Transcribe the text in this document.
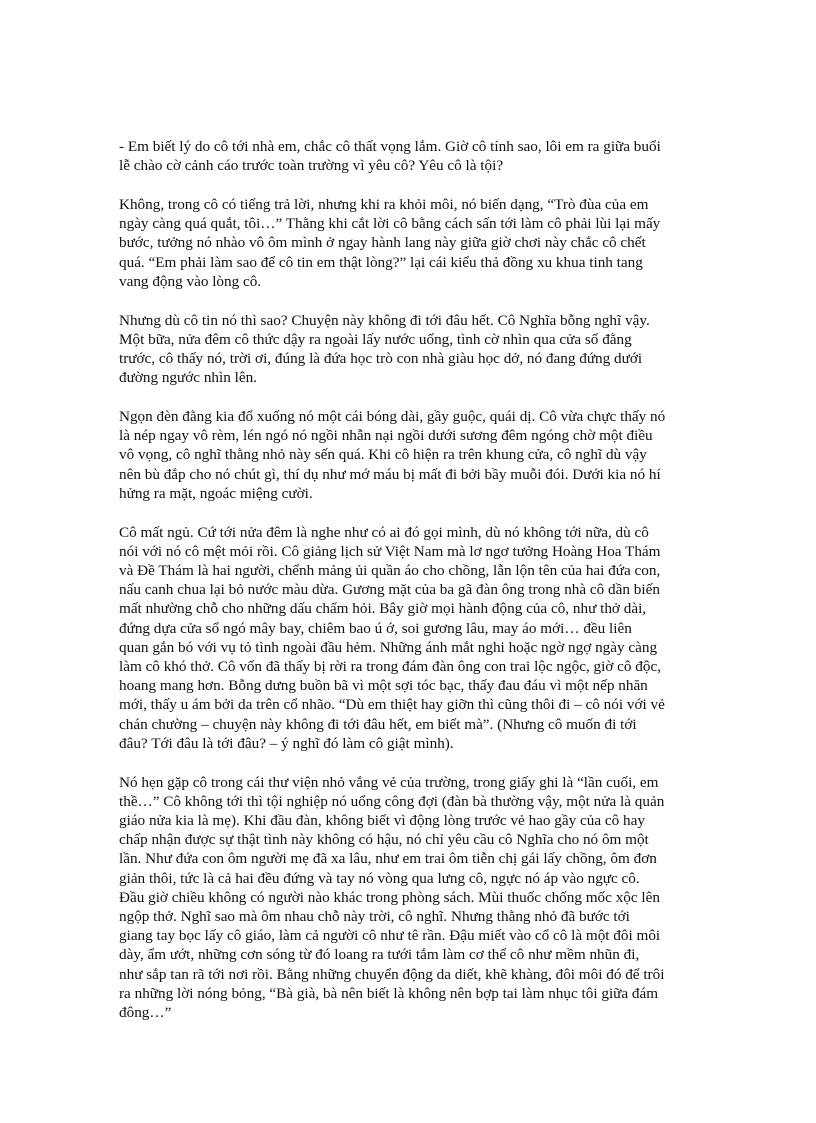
- Em biết lý do cô tới nhà em, chắc cô thất vọng lắm. Giờ cô tính sao, lôi em ra giữa buổi
lễ chào cờ cảnh cáo trước toàn trường vì yêu cô? Yêu cô là tội?
Không, trong cô có tiếng trả lời, nhưng khi ra khỏi môi, nó biến dạng, “Trò đùa của em
ngày càng quá quắt, tôi…” Thằng khi cắt lời cô bằng cách sấn tới làm cô phải lùi lại mấy
bước, tưởng nó nhào vô ôm mình ở ngay hành lang này giữa giờ chơi này chắc cô chết
quá. “Em phải làm sao để cô tin em thật lòng?” lại cái kiểu thả đồng xu khua tinh tang
vang động vào lòng cô.
Nhưng dù cô tin nó thì sao? Chuyện này không đi tới đâu hết. Cô Nghĩa bỗng nghĩ vậy.
Một bữa, nửa đêm cô thức dậy ra ngoài lấy nước uống, tình cờ nhìn qua cửa sổ đằng
trước, cô thấy nó, trời ơi, đúng là đứa học trò con nhà giàu học dở, nó đang đứng dưới
đường ngước nhìn lên.
Ngọn đèn đằng kia đổ xuống nó một cái bóng dài, gầy guộc, quái dị. Cô vừa chực thấy nó
là nép ngay vô rèm, lén ngó nó ngồi nhẫn nại ngồi dưới sương đêm ngóng chờ một điều
vô vọng, cô nghĩ thằng nhỏ này sến quá. Khi cô hiện ra trên khung cửa, cô nghĩ dù vậy
nên bù đắp cho nó chút gì, thí dụ như mớ máu bị mất đi bởi bầy muỗi đói. Dưới kia nó hí
hửng ra mặt, ngoác miệng cười.
Cô mất ngủ. Cứ tới nửa đêm là nghe như có ai đó gọi mình, dù nó không tới nữa, dù cô
nói với nó cô mệt mỏi rồi. Cô giảng lịch sử Việt Nam mà lơ ngơ tưởng Hoàng Hoa Thám
và Đề Thám là hai người, chểnh mảng ủi quần áo cho chồng, lẫn lộn tên của hai đứa con,
nấu canh chua lại bỏ nước màu dừa. Gương mặt của ba gã đàn ông trong nhà cô dần biến
mất nhường chỗ cho những dấu chấm hỏi. Bây giờ mọi hành động của cô, như thở dài,
đứng dựa cửa sổ ngó mây bay, chiêm bao ú ớ, soi gương lâu, may áo mới… đều liên
quan gắn bó với vụ tỏ tình ngoài đầu hẻm. Những ánh mắt nghi hoặc ngờ ngợ ngày càng
làm cô khó thở. Cô vốn đã thấy bị rời ra trong đám đàn ông con trai lộc ngộc, giờ cô độc,
hoang mang hơn. Bỗng dưng buồn bã vì một sợi tóc bạc, thấy đau đáu vì một nếp nhăn
mới, thấy u ám bởi da trên cổ nhão. “Dù em thiệt hay giỡn thì cũng thôi đi – cô nói với vẻ
chán chường – chuyện này không đi tới đâu hết, em biết mà”. (Nhưng cô muốn đi tới
đâu? Tới đâu là tới đâu? – ý nghĩ đó làm cô giật mình).
Nó hẹn gặp cô trong cái thư viện nhỏ vắng vẻ của trường, trong giấy ghi là “lần cuối, em
thề…” Cô không tới thì tội nghiệp nó uổng công đợi (đàn bà thường vậy, một nửa là quản
giáo nửa kia là mẹ). Khi đầu đàn, không biết vì động lòng trước vẻ hao gầy của cô hay
chấp nhận được sự thật tình này không có hậu, nó chỉ yêu cầu cô Nghĩa cho nó ôm một
lần. Như đứa con ôm người mẹ đã xa lâu, như em trai ôm tiễn chị gái lấy chồng, ôm đơn
giản thôi, tức là cả hai đều đứng và tay nó vòng qua lưng cô, ngực nó áp vào ngực cô.
Đầu giờ chiều không có người nào khác trong phòng sách. Mùi thuốc chống mốc xộc lên
ngộp thở. Nghĩ sao mà ôm nhau chỗ này trời, cô nghĩ. Nhưng thằng nhỏ đã bước tới
giang tay bọc lấy cô giáo, làm cả người cô như tê rần. Đậu miết vào cổ cô là một đôi môi
dày, ẩm ướt, những cơn sóng từ đó loang ra tưới tắm làm cơ thể cô như mềm nhũn đi,
như sắp tan rã tới nơi rồi. Bằng những chuyển động da diết, khẽ khàng, đôi môi đó để trôi
ra những lời nóng bỏng, “Bà già, bà nên biết là không nên bợp tai làm nhục tôi giữa đám
đông…”
